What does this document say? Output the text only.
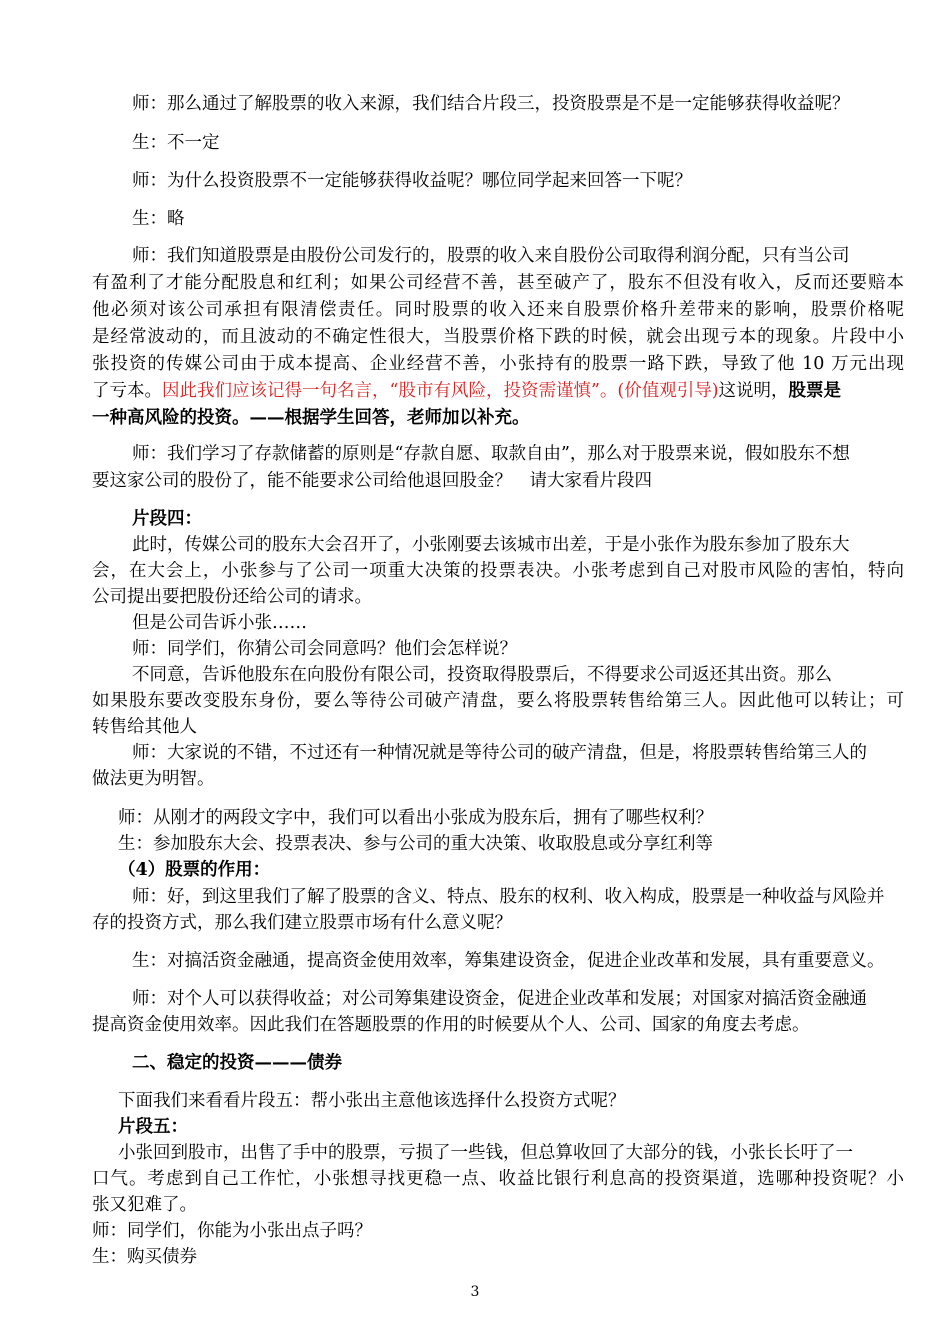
师：那么通过了解股票的收入来源，我们结合片段三，投资股票是不是一定能够获得收益呢？
生：不一定
师：为什么投资股票不一定能够获得收益呢？哪位同学起来回答一下呢？
生：略
师：我们知道股票是由股份公司发行的，股票的收入来自股份公司取得利润分配，只有当公司
有盈利了才能分配股息和红利；如果公司经营不善，甚至破产了，股东不但没有收入，反而还要赔本
他必须对该公司承担有限清偿责任。同时股票的收入还来自股票价格升差带来的影响，股票价格呢
是经常波动的，而且波动的不确定性很大，当股票价格下跌的时候，就会出现亏本的现象。片段中小
张投资的传媒公司由于成本提高、企业经营不善，小张持有的股票一路下跌，导致了他 10 万元出现
了亏本。因此我们应该记得一句名言，“股市有风险，投资需谨慎”。(价值观引导)这说明，股票是
一种高风险的投资。——根据学生回答，老师加以补充。
师：我们学习了存款储蓄的原则是“存款自愿、取款自由”，那么对于股票来说，假如股东不想
要这家公司的股份了，能不能要求公司给他退回股金？　请大家看片段四
片段四：
此时，传媒公司的股东大会召开了，小张刚要去该城市出差，于是小张作为股东参加了股东大
会，在大会上，小张参与了公司一项重大决策的投票表决。小张考虑到自己对股市风险的害怕，特向
公司提出要把股份还给公司的请求。
但是公司告诉小张……
师：同学们，你猜公司会同意吗？他们会怎样说？
不同意，告诉他股东在向股份有限公司，投资取得股票后，不得要求公司返还其出资。那么
如果股东要改变股东身份，要么等待公司破产清盘，要么将股票转售给第三人。因此他可以转让；可
转售给其他人
师：大家说的不错，不过还有一种情况就是等待公司的破产清盘，但是，将股票转售给第三人的
做法更为明智。
师：从刚才的两段文字中，我们可以看出小张成为股东后，拥有了哪些权利？
生：参加股东大会、投票表决、参与公司的重大决策、收取股息或分享红利等
（4）股票的作用：
师：好，到这里我们了解了股票的含义、特点、股东的权利、收入构成，股票是一种收益与风险并
存的投资方式，那么我们建立股票市场有什么意义呢？
生：对搞活资金融通，提高资金使用效率，筹集建设资金，促进企业改革和发展，具有重要意义。
师：对个人可以获得收益；对公司筹集建设资金，促进企业改革和发展；对国家对搞活资金融通
提高资金使用效率。因此我们在答题股票的作用的时候要从个人、公司、国家的角度去考虑。
二、稳定的投资———债券
下面我们来看看片段五：帮小张出主意他该选择什么投资方式呢？
片段五：
小张回到股市，出售了手中的股票，亏损了一些钱，但总算收回了大部分的钱，小张长长吁了一
口气。考虑到自己工作忙，小张想寻找更稳一点、收益比银行利息高的投资渠道，选哪种投资呢？小
张又犯难了。
师：同学们，你能为小张出点子吗？
生：购买债券
3
